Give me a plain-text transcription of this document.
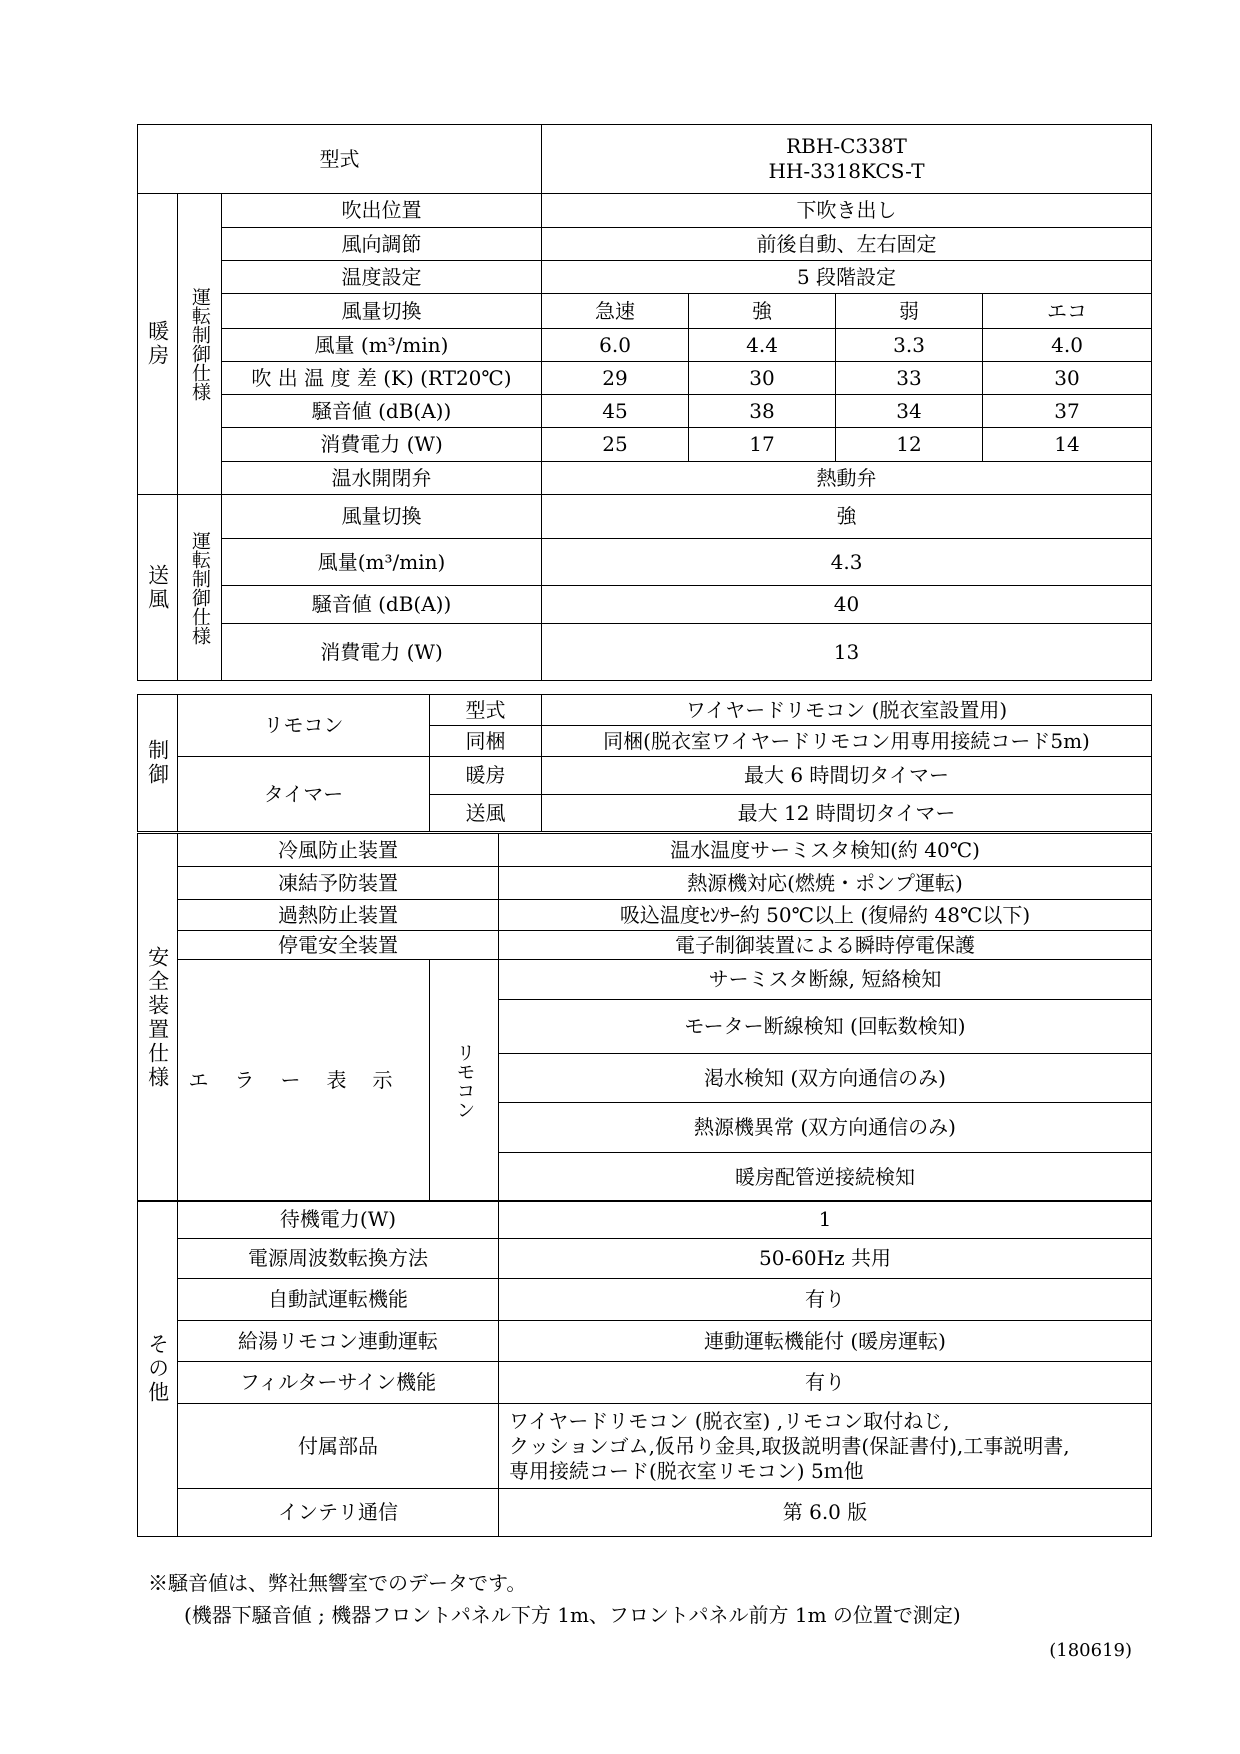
型式			RBH-C338T
HH-3318KCS-T			

暖房	運転制御仕様	吹出位置	下吹き出し			
		風向調節	前後自動、左右固定			
		温度設定	5 段階設定			
		風量切換	急速	強	弱	エコ
		風量 (m³/min)	6.0	4.4	3.3	4.0
		吹 出 温 度 差 (K) (RT20℃)	29	30	33	30
		騒音値 (dB(A))	45	38	34	37
		消費電力 (W)	25	17	12	14
		温水開閉弁	熱動弁			
送風	運転制御仕様	風量切換	強			
		風量(m³/min)	4.3			
		騒音値 (dB(A))	40			
		消費電力 (W)	13			
制御	リモコン	型式	ワイヤードリモコン (脱衣室設置用)
		同梱	同梱(脱衣室ワイヤードリモコン用専用接続コード5m)
	タイマー	暖房	最大 6 時間切タイマー
		送風	最大 12 時間切タイマー
安全装置仕様	冷風防止装置		温水温度サーミスタ検知(約 40℃)
	凍結予防装置		熱源機対応(燃焼・ポンプ運転)
	過熱防止装置		吸込温度ｾﾝｻｰ約 50℃以上 (復帰約 48℃以下)
	停電安全装置		電子制御装置による瞬時停電保護
	エラー表示	リモコン	サーミスタ断線, 短絡検知
			モーター断線検知 (回転数検知)
			渇水検知 (双方向通信のみ)
			熱源機異常 (双方向通信のみ)
			暖房配管逆接続検知
その他	待機電力(W)	1
	電源周波数転換方法	50-60Hz 共用
	自動試運転機能	有り
	給湯リモコン連動運転	連動運転機能付 (暖房運転)
	フィルターサイン機能	有り
	付属部品	ワイヤードリモコン (脱衣室) ,リモコン取付ねじ,
クッションゴム,仮吊り金具,取扱説明書(保証書付),工事説明書,
専用接続コード(脱衣室リモコン) 5ｍ他

	インテリ通信	第 6.0 版
※騒音値は、弊社無響室でのデータです。
(機器下騒音値 ; 機器フロントパネル下方 1m、フロントパネル前方 1m の位置で測定)
(180619)
